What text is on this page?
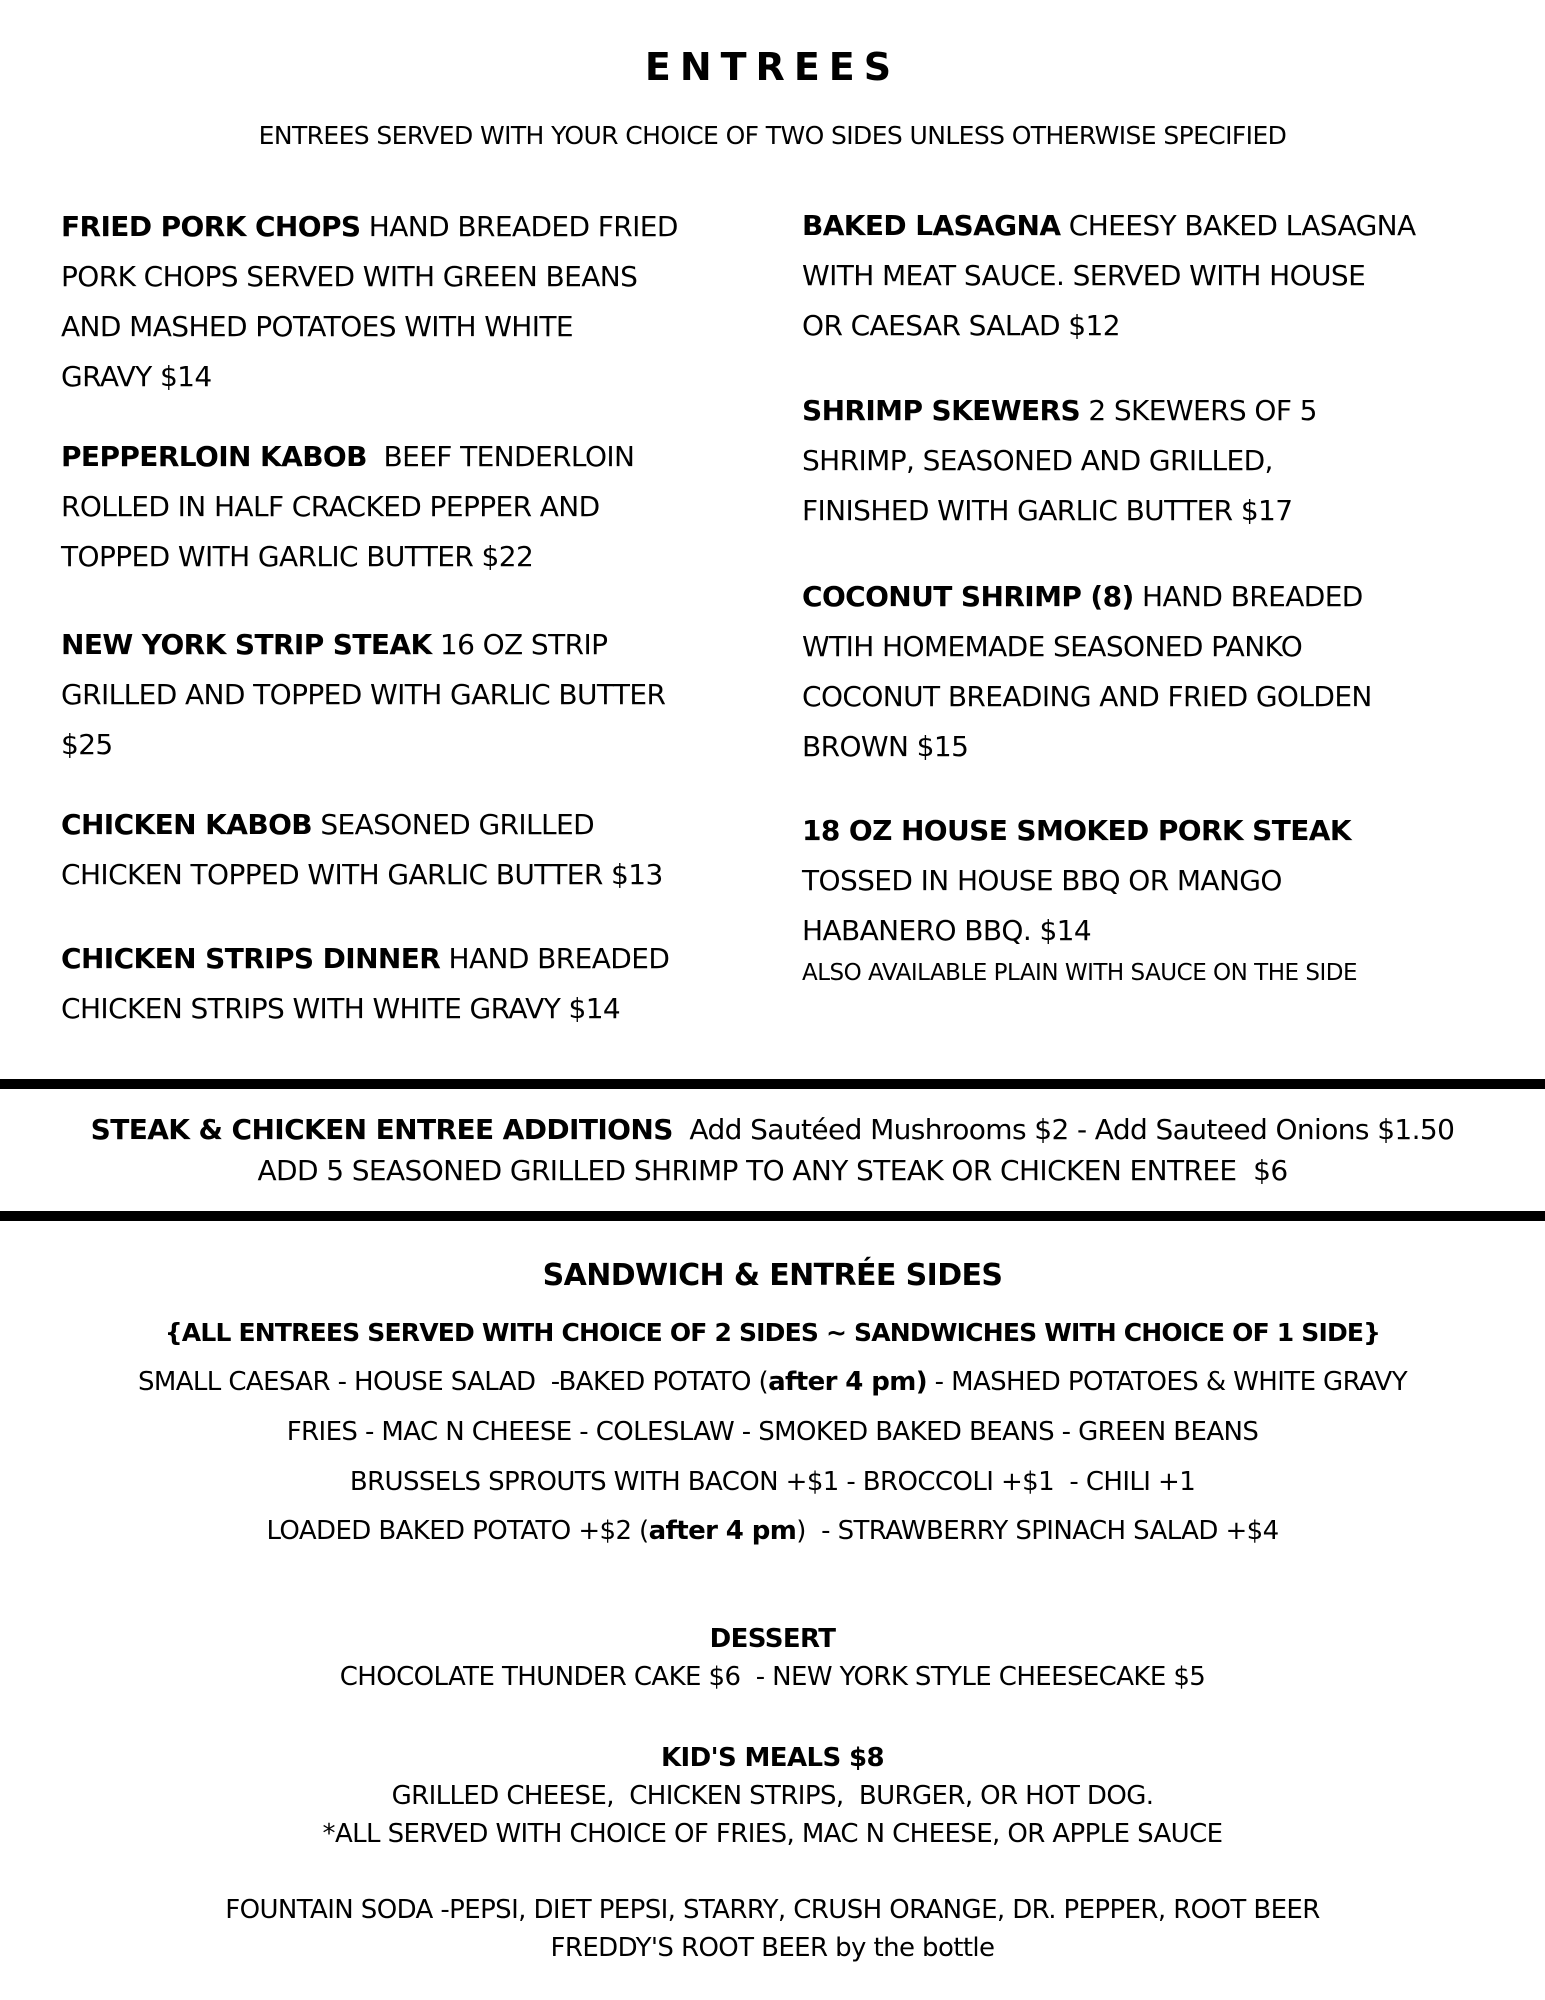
ENTREES
ENTREES SERVED WITH YOUR CHOICE OF TWO SIDES UNLESS OTHERWISE SPECIFIED
FRIED PORK CHOPS HAND BREADED FRIED
PORK CHOPS SERVED WITH GREEN BEANS
AND MASHED POTATOES WITH WHITE
GRAVY $14
PEPPERLOIN KABOB  BEEF TENDERLOIN
ROLLED IN HALF CRACKED PEPPER AND
TOPPED WITH GARLIC BUTTER $22
NEW YORK STRIP STEAK 16 OZ STRIP
GRILLED AND TOPPED WITH GARLIC BUTTER
$25
CHICKEN KABOB SEASONED GRILLED
CHICKEN TOPPED WITH GARLIC BUTTER $13
CHICKEN STRIPS DINNER HAND BREADED
CHICKEN STRIPS WITH WHITE GRAVY $14
BAKED LASAGNA CHEESY BAKED LASAGNA
WITH MEAT SAUCE. SERVED WITH HOUSE
OR CAESAR SALAD $12
SHRIMP SKEWERS 2 SKEWERS OF 5
SHRIMP, SEASONED AND GRILLED,
FINISHED WITH GARLIC BUTTER $17
COCONUT SHRIMP (8) HAND BREADED
WTIH HOMEMADE SEASONED PANKO
COCONUT BREADING AND FRIED GOLDEN
BROWN $15
18 OZ HOUSE SMOKED PORK STEAK
TOSSED IN HOUSE BBQ OR MANGO
HABANERO BBQ. $14
ALSO AVAILABLE PLAIN WITH SAUCE ON THE SIDE
STEAK & CHICKEN ENTREE ADDITIONS  Add Sautéed Mushrooms $2 - Add Sauteed Onions $1.50
ADD 5 SEASONED GRILLED SHRIMP TO ANY STEAK OR CHICKEN ENTREE  $6
SANDWICH & ENTRÉE SIDES
{ALL ENTREES SERVED WITH CHOICE OF 2 SIDES ~ SANDWICHES WITH CHOICE OF 1 SIDE}
SMALL CAESAR - HOUSE SALAD  -BAKED POTATO (after 4 pm) - MASHED POTATOES & WHITE GRAVY
FRIES - MAC N CHEESE - COLESLAW - SMOKED BAKED BEANS - GREEN BEANS
BRUSSELS SPROUTS WITH BACON +$1 - BROCCOLI +$1  - CHILI +1
LOADED BAKED POTATO +$2 (after 4 pm)  - STRAWBERRY SPINACH SALAD +$4
DESSERT
CHOCOLATE THUNDER CAKE $6  - NEW YORK STYLE CHEESECAKE $5
KID'S MEALS $8
GRILLED CHEESE,  CHICKEN STRIPS,  BURGER, OR HOT DOG.
*ALL SERVED WITH CHOICE OF FRIES, MAC N CHEESE, OR APPLE SAUCE
FOUNTAIN SODA -PEPSI, DIET PEPSI, STARRY, CRUSH ORANGE, DR. PEPPER, ROOT BEER
FREDDY'S ROOT BEER by the bottle
